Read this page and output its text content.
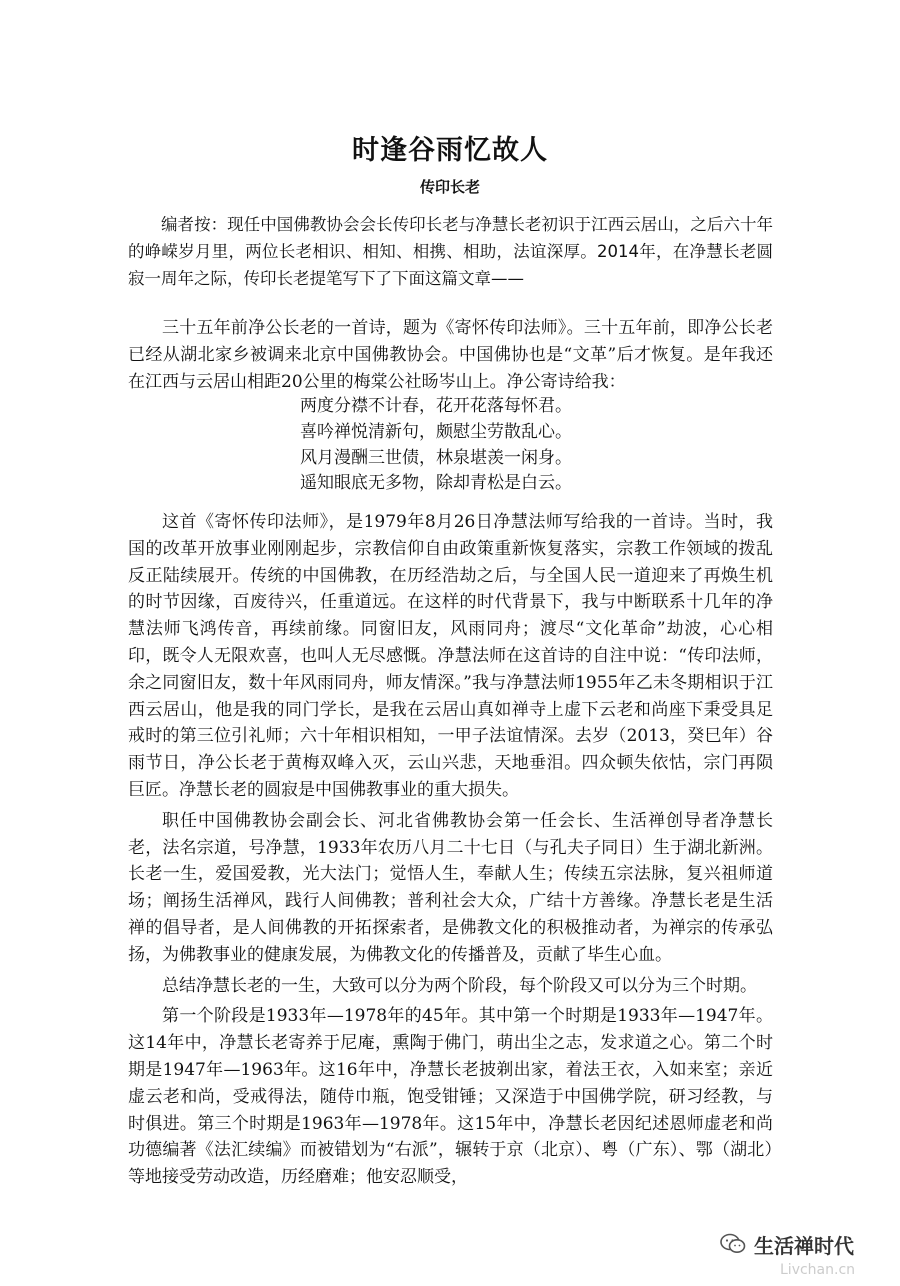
时逢谷雨忆故人
传印长老

编者按：现任中国佛教协会会长传印长老与净慧长老初识于江西云居山，之后六十年的峥嵘岁月里，两位长老相识、相知、相携、相助，法谊深厚。2014年，在净慧长老圆寂一周年之际，传印长老提笔写下了下面这篇文章——

三十五年前净公长老的一首诗，题为《寄怀传印法师》。三十五年前，即净公长老已经从湖北家乡被调来北京中国佛教协会。中国佛协也是“文革”后才恢复。是年我还在江西与云居山相距20公里的梅棠公社旸岑山上。净公寄诗给我：

两度分襟不计春，花开花落每怀君。
喜吟禅悦清新句，颇慰尘劳散乱心。
风月漫酬三世债，林泉堪羡一闲身。
遥知眼底无多物，除却青松是白云。

这首《寄怀传印法师》，是1979年8月26日净慧法师写给我的一首诗。当时，我国的改革开放事业刚刚起步，宗教信仰自由政策重新恢复落实，宗教工作领域的拨乱反正陆续展开。传统的中国佛教，在历经浩劫之后，与全国人民一道迎来了再焕生机的时节因缘，百废待兴，任重道远。在这样的时代背景下，我与中断联系十几年的净慧法师飞鸿传音，再续前缘。同窗旧友，风雨同舟；渡尽“文化革命”劫波，心心相印，既令人无限欢喜，也叫人无尽感慨。净慧法师在这首诗的自注中说：“传印法师，余之同窗旧友，数十年风雨同舟，师友情深。”我与净慧法师1955年乙未冬期相识于江西云居山，他是我的同门学长，是我在云居山真如禅寺上虚下云老和尚座下秉受具足戒时的第三位引礼师；六十年相识相知，一甲子法谊情深。去岁（2013，癸巳年）谷雨节日，净公长老于黄梅双峰入灭，云山兴悲，天地垂泪。四众顿失依怙，宗门再陨巨匠。净慧长老的圆寂是中国佛教事业的重大损失。

职任中国佛教协会副会长、河北省佛教协会第一任会长、生活禅创导者净慧长老，法名宗道，号净慧，1933年农历八月二十七日（与孔夫子同日）生于湖北新洲。长老一生，爱国爱教，光大法门；觉悟人生，奉献人生；传续五宗法脉，复兴祖师道场；阐扬生活禅风，践行人间佛教；普利社会大众，广结十方善缘。净慧长老是生活禅的倡导者，是人间佛教的开拓探索者，是佛教文化的积极推动者，为禅宗的传承弘扬，为佛教事业的健康发展，为佛教文化的传播普及，贡献了毕生心血。

总结净慧长老的一生，大致可以分为两个阶段，每个阶段又可以分为三个时期。

第一个阶段是1933年—1978年的45年。其中第一个时期是1933年—1947年。这14年中，净慧长老寄养于尼庵，熏陶于佛门，萌出尘之志，发求道之心。第二个时期是1947年—1963年。这16年中，净慧长老披剃出家，着法王衣，入如来室；亲近虚云老和尚，受戒得法，随侍巾瓶，饱受钳锤；又深造于中国佛学院，研习经教，与时俱进。第三个时期是1963年—1978年。这15年中，净慧长老因纪述恩师虚老和尚功德编著《法汇续编》而被错划为“右派”，辗转于京（北京）、粤（广东）、鄂（湖北）等地接受劳动改造，历经磨难；他安忍顺受，

生活禅时代
Livchan.cn
